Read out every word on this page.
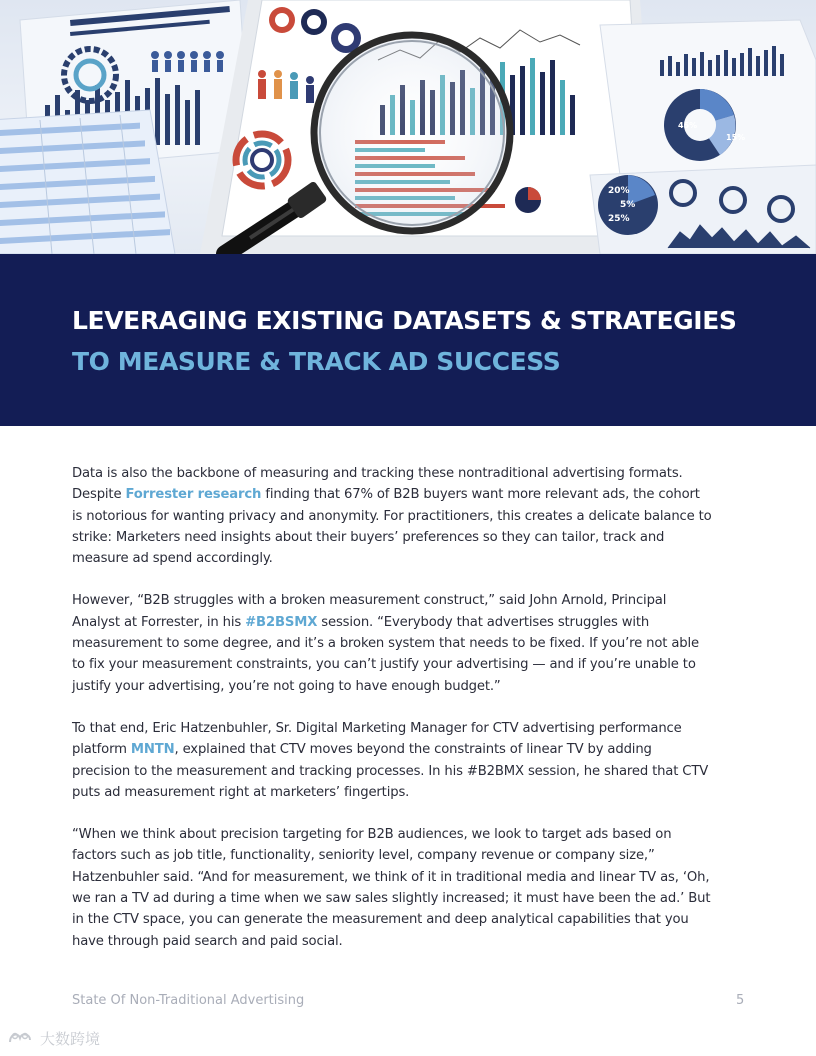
45%
15%
20%
5%
25%
LEVERAGING EXISTING DATASETS & STRATEGIES
TO MEASURE & TRACK AD SUCCESS

Data is also the backbone of measuring and tracking these nontraditional advertising formats. Despite Forrester research finding that 67% of B2B buyers want more relevant ads, the cohort is notorious for wanting privacy and anonymity. For practitioners, this creates a delicate balance to strike: Marketers need insights about their buyers’ preferences so they can tailor, track and measure ad spend accordingly.

However, “B2B struggles with a broken measurement construct,” said John Arnold, Principal Analyst at Forrester, in his #B2BSMX session. “Everybody that advertises struggles with measurement to some degree, and it’s a broken system that needs to be fixed. If you’re not able to fix your measurement constraints, you can’t justify your advertising — and if you’re unable to justify your advertising, you’re not going to have enough budget.”

To that end, Eric Hatzenbuhler, Sr. Digital Marketing Manager for CTV advertising performance platform MNTN, explained that CTV moves beyond the constraints of linear TV by adding precision to the measurement and tracking processes. In his #B2BMX session, he shared that CTV puts ad measurement right at marketers’ fingertips.

“When we think about precision targeting for B2B audiences, we look to target ads based on factors such as job title, functionality, seniority level, company revenue or company size,” Hatzenbuhler said. “And for measurement, we think of it in traditional media and linear TV as, ‘Oh, we ran a TV ad during a time when we saw sales slightly increased; it must have been the ad.’ But in the CTV space, you can generate the measurement and deep analytical capabilities that you have through paid search and paid social.

State Of Non-Traditional Advertising	5
大数跨境
